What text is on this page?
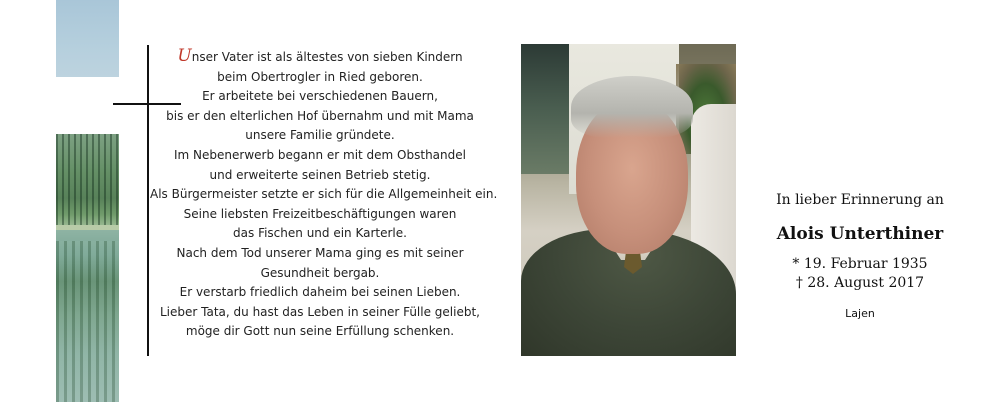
Unser Vater ist als ältestes von sieben Kindern
beim Obertrogler in Ried geboren.
Er arbeitete bei verschiedenen Bauern,
bis er den elterlichen Hof übernahm und mit Mama
unsere Familie gründete.
Im Nebenerwerb begann er mit dem Obsthandel
und erweiterte seinen Betrieb stetig.
Als Bürgermeister setzte er sich für die Allgemeinheit ein.
Seine liebsten Freizeitbeschäftigungen waren
das Fischen und ein Karterle.
Nach dem Tod unserer Mama ging es mit seiner
Gesundheit bergab.
Er verstarb friedlich daheim bei seinen Lieben.
Lieber Tata, du hast das Leben in seiner Fülle geliebt,
möge dir Gott nun seine Erfüllung schenken.
In lieber Erinnerung an
Alois Unterthiner
* 19. Februar 1935
† 28. August 2017
Lajen
